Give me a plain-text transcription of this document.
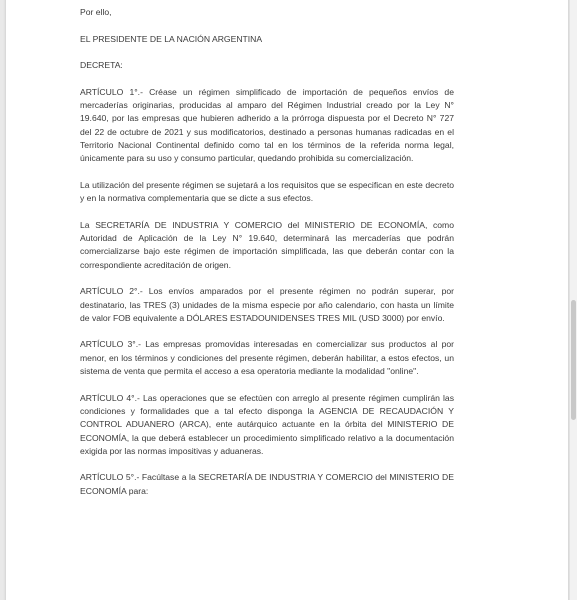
Por ello,

EL PRESIDENTE DE LA NACIÓN ARGENTINA

DECRETA:

ARTÍCULO 1°.- Créase un régimen simplificado de importación de pequeños envíos de mercaderías originarias, producidas al amparo del Régimen Industrial creado por la Ley N° 19.640, por las empresas que hubieren adherido a la prórroga dispuesta por el Decreto N° 727 del 22 de octubre de 2021 y sus modificatorios, destinado a personas humanas radicadas en el Territorio Nacional Continental definido como tal en los términos de la referida norma legal, únicamente para su uso y consumo particular, quedando prohibida su comercialización.

La utilización del presente régimen se sujetará a los requisitos que se especifican en este decreto y en la normativa complementaria que se dicte a sus efectos.

La SECRETARÍA DE INDUSTRIA Y COMERCIO del MINISTERIO DE ECONOMÍA, como Autoridad de Aplicación de la Ley N° 19.640, determinará las mercaderías que podrán comercializarse bajo este régimen de importación simplificada, las que deberán contar con la correspondiente acreditación de origen.

ARTÍCULO 2°.- Los envíos amparados por el presente régimen no podrán superar, por destinatario, las TRES (3) unidades de la misma especie por año calendario, con hasta un límite de valor FOB equivalente a DÓLARES ESTADOUNIDENSES TRES MIL (USD 3000) por envío.

ARTÍCULO 3°.- Las empresas promovidas interesadas en comercializar sus productos al por menor, en los términos y condiciones del presente régimen, deberán habilitar, a estos efectos, un sistema de venta que permita el acceso a esa operatoria mediante la modalidad "online".

ARTÍCULO 4°.- Las operaciones que se efectúen con arreglo al presente régimen cumplirán las condiciones y formalidades que a tal efecto disponga la AGENCIA DE RECAUDACIÓN Y CONTROL ADUANERO (ARCA), ente autárquico actuante en la órbita del MINISTERIO DE ECONOMÍA, la que deberá establecer un procedimiento simplificado relativo a la documentación exigida por las normas impositivas y aduaneras.

ARTÍCULO 5°.- Facúltase a la SECRETARÍA DE INDUSTRIA Y COMERCIO del MINISTERIO DE ECONOMÍA para:
